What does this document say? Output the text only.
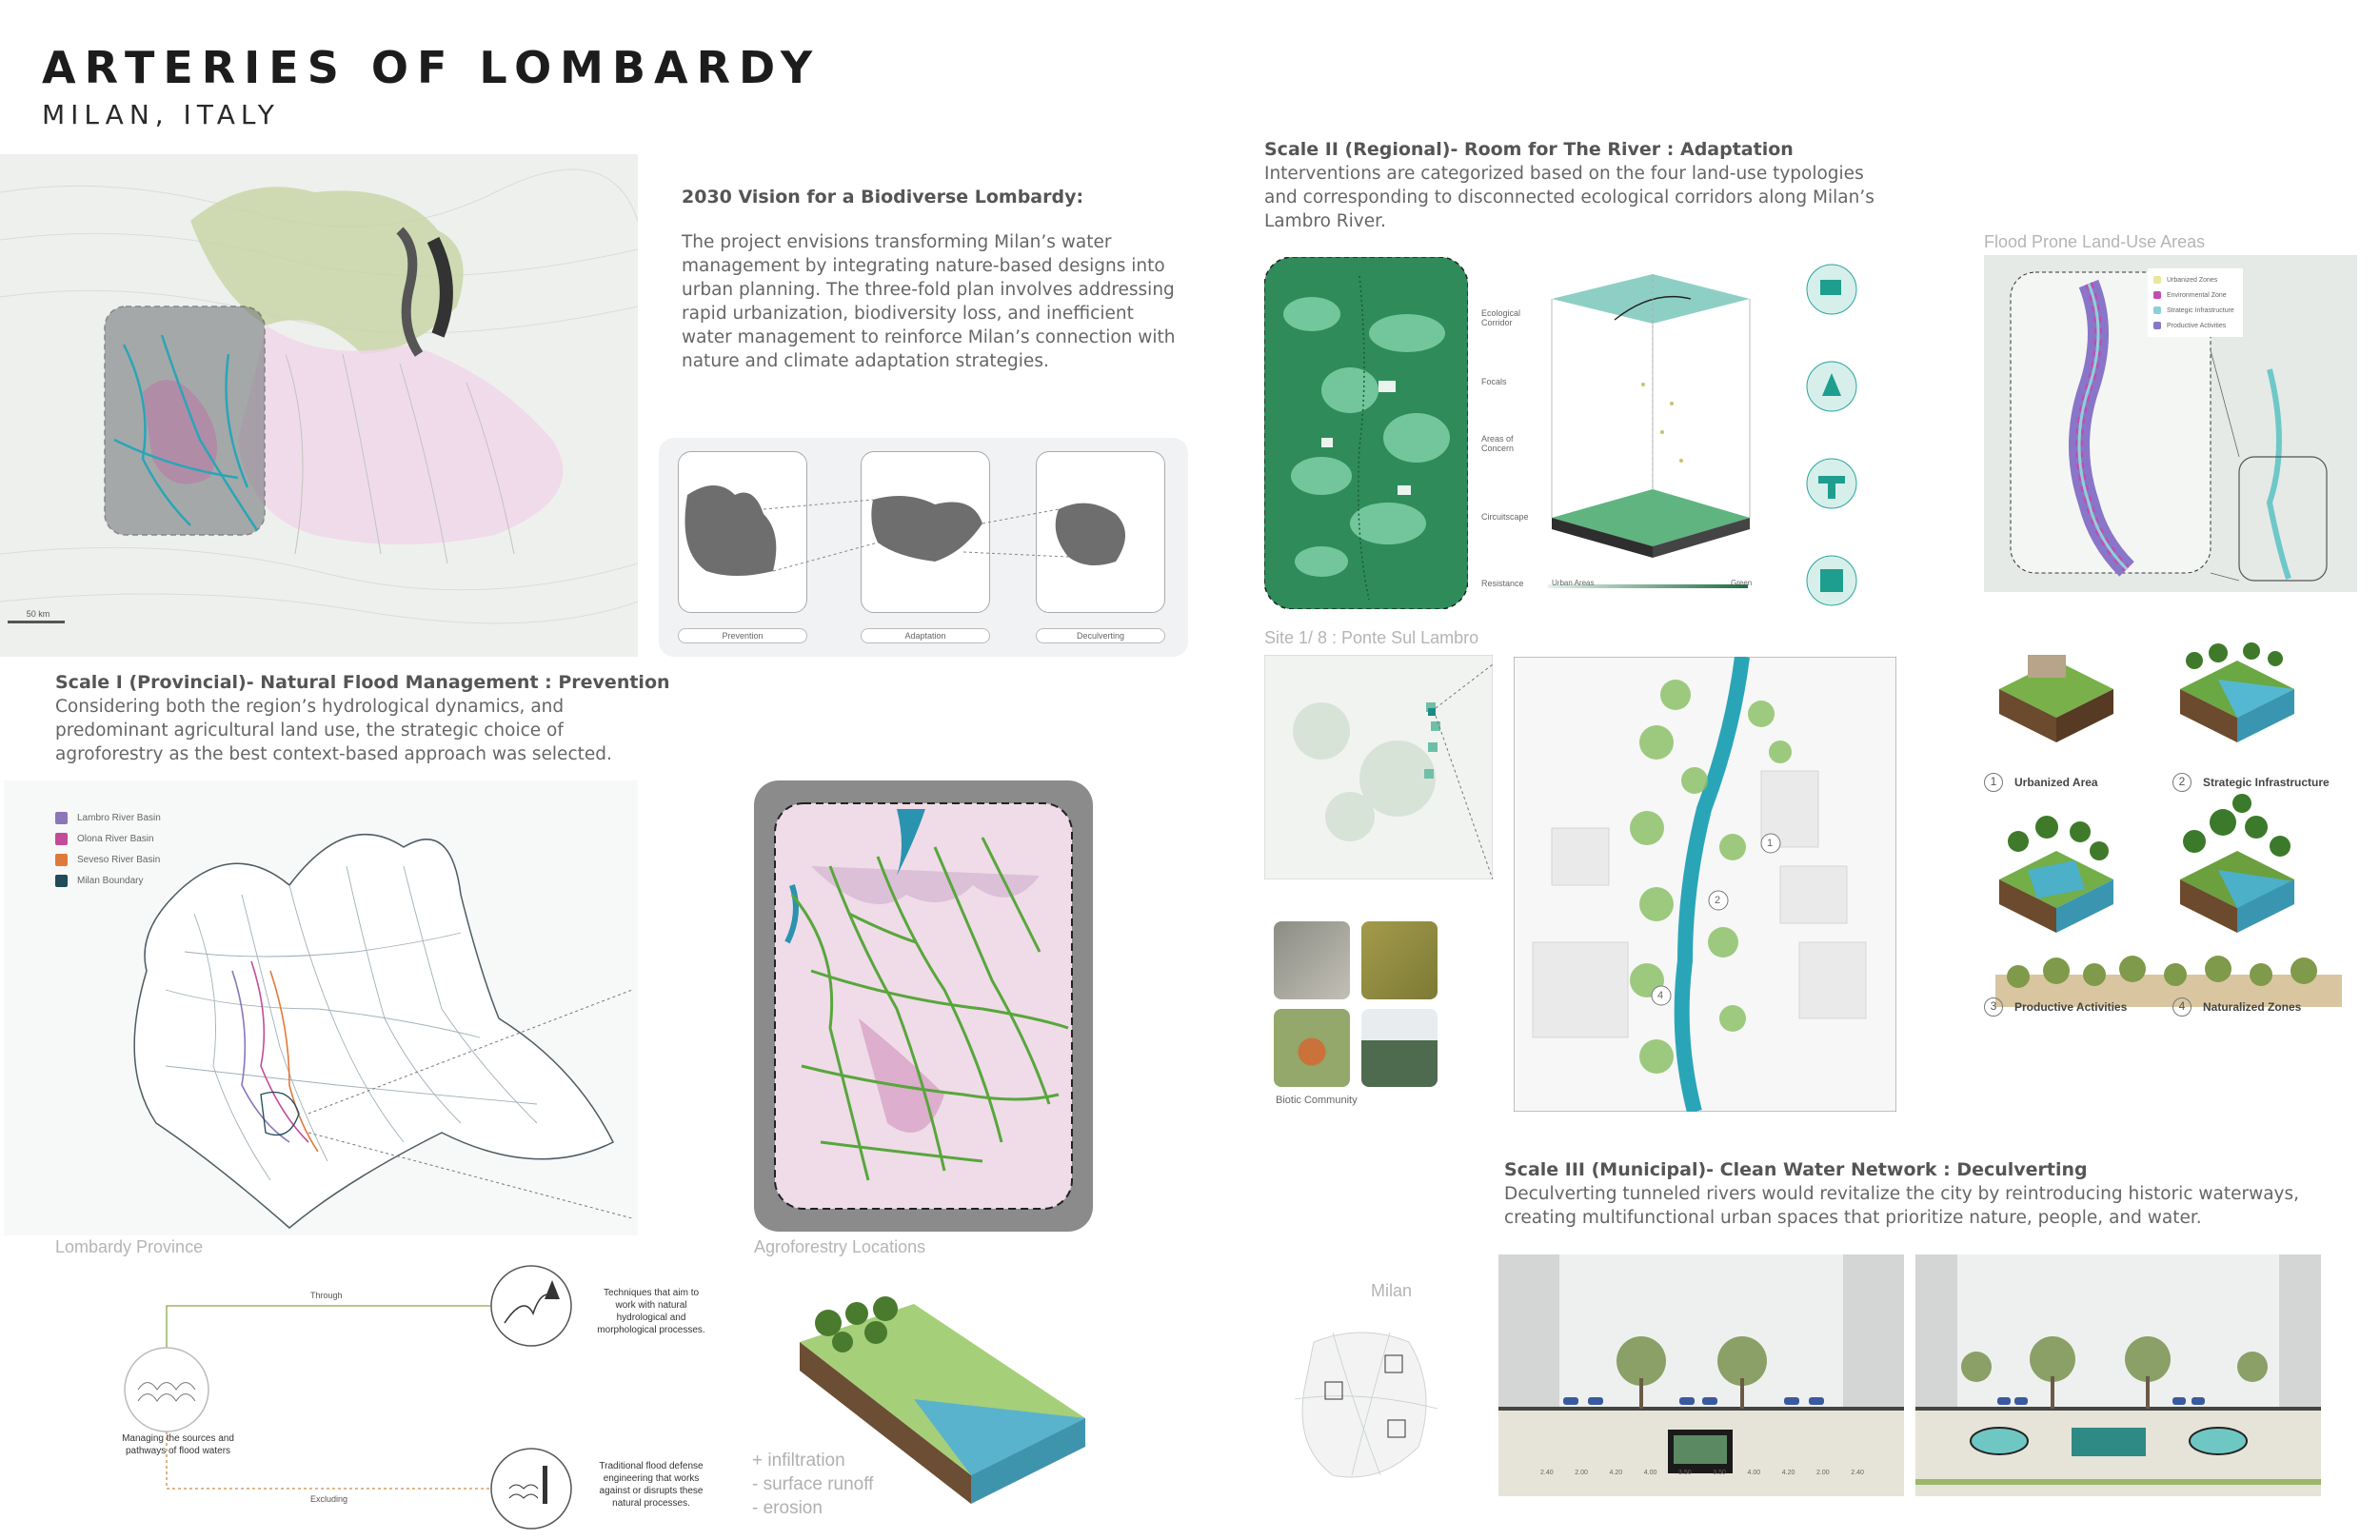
ARTERIES OF LOMBARDY
MILAN, ITALY
50 km
2030 Vision for a Biodiverse Lombardy:
The project envisions transforming Milan’s water
management by integrating nature-based designs into
urban planning. The three-fold plan involves addressing
rapid urbanization, biodiversity loss, and inefficient
water management to reinforce Milan’s connection with
nature and climate adaptation strategies.
Prevention	Adaptation	Deculverting
Scale I (Provincial)- Natural Flood Management : Prevention
Considering both the region’s hydrological dynamics, and
predominant agricultural land use, the strategic choice of
agroforestry as the best context-based approach was selected.
Lambro River Basin
Olona River Basin
Seveso River Basin
Milan Boundary
Lombardy Province	Agroforestry Locations
Through
Excluding
Managing the sources and
pathways of flood waters
Techniques that aim to
work with natural
hydrological and
morphological processes.
Traditional flood defense
engineering that works
against or disrupts these
natural processes.
+ infiltration
- surface runoff
- erosion
Scale II (Regional)- Room for The River : Adaptation
Interventions are categorized based on the four land-use typologies
and corresponding to disconnected ecological corridors along Milan’s
Lambro River.
Ecological Corridor
Focals
Areas of Concern
Circuitscape
Resistance	Urban Areas	Green
Flood Prone Land-Use Areas
Urbanized Zones
Environmental Zone
Strategic Infrastructure
Productive Activities
Site 1/ 8 : Ponte Sul Lambro
1
2
4
Biotic Community
1	Urbanized Area	2	Strategic Infrastructure
3	Productive Activities	4	Naturalized Zones
Scale III (Municipal)- Clean Water Network : Deculverting
Deculverting tunneled rivers would revitalize the city by reintroducing historic waterways,
creating multifunctional urban spaces that prioritize nature, people, and water.
Milan
2.40	2.00	4.20	4.00	3.50	3.50	4.00	4.20	2.00	2.40
